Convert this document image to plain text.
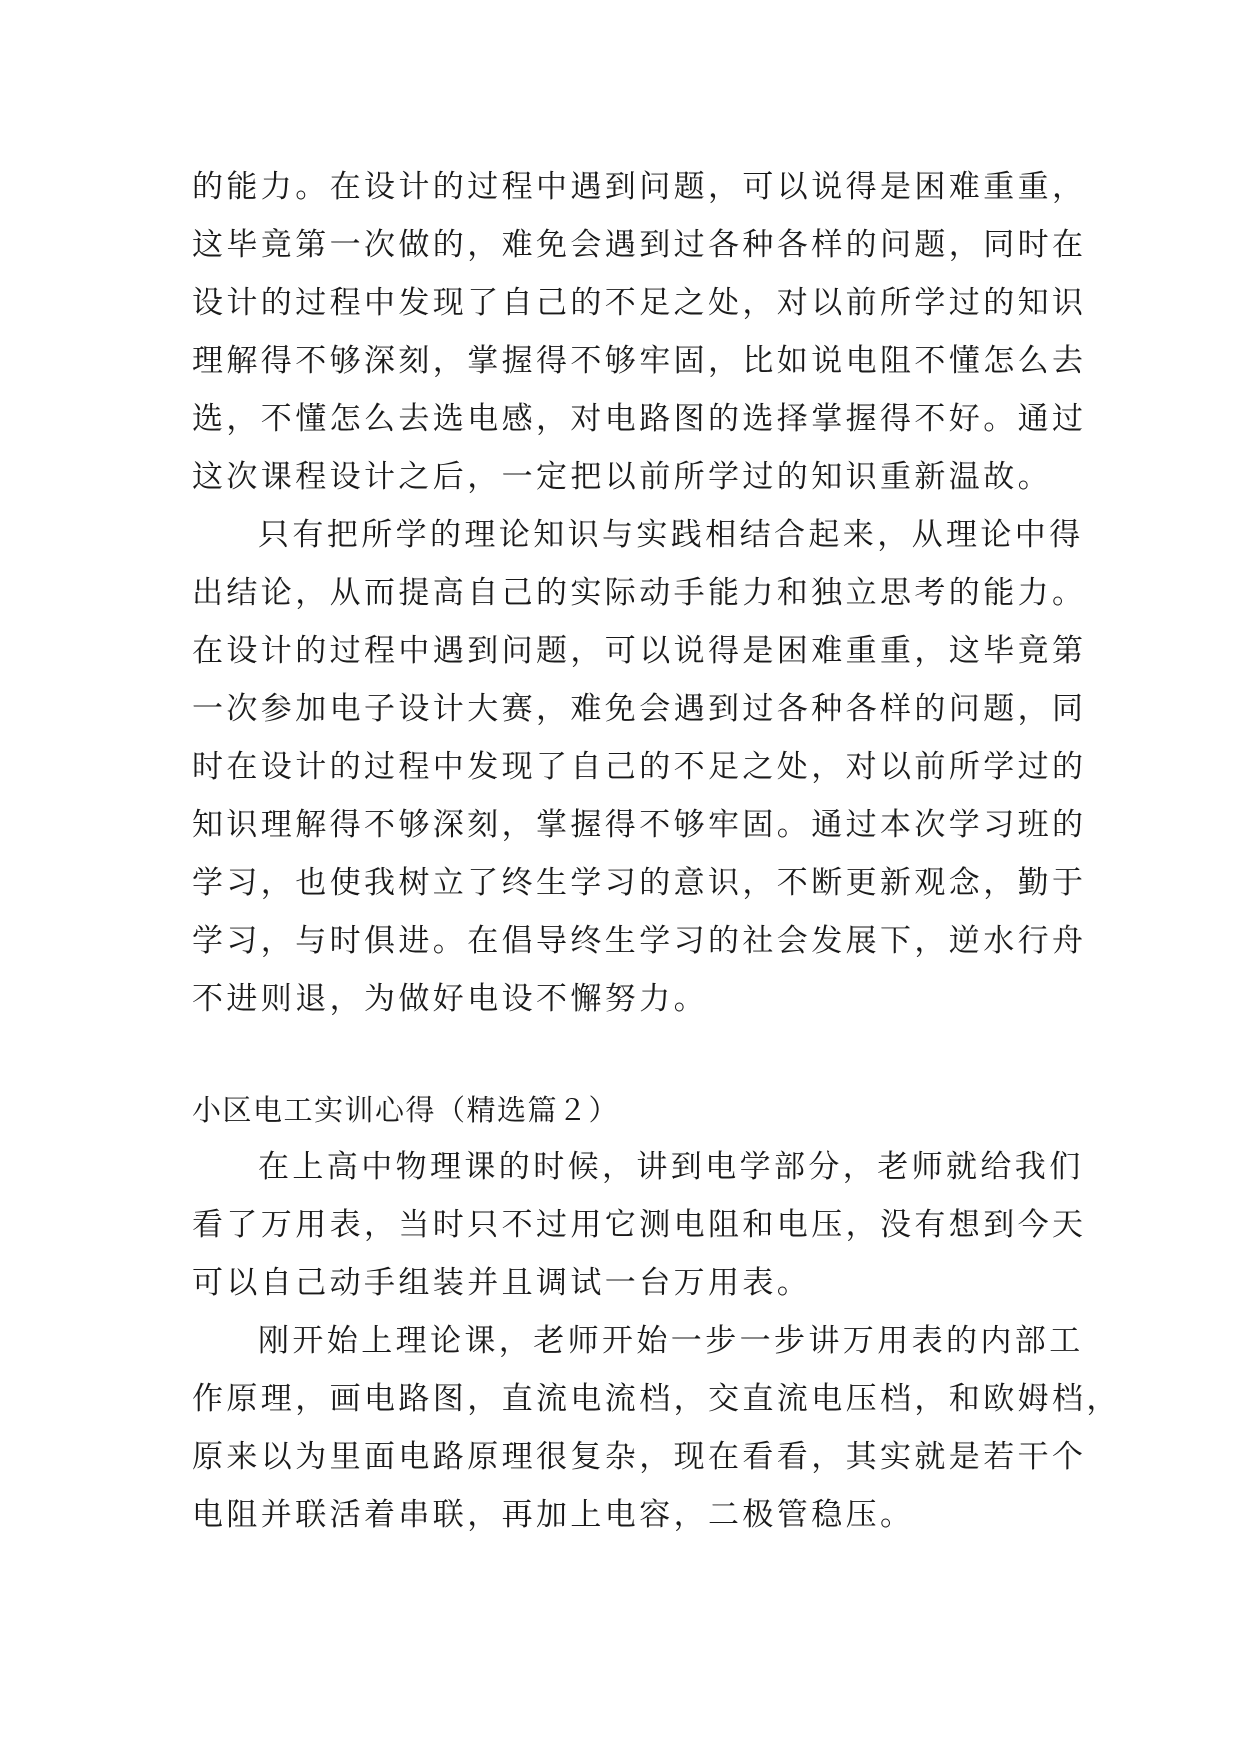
的能力。在设计的过程中遇到问题，可以说得是困难重重，
这毕竟第一次做的，难免会遇到过各种各样的问题，同时在
设计的过程中发现了自己的不足之处，对以前所学过的知识
理解得不够深刻，掌握得不够牢固，比如说电阻不懂怎么去
选，不懂怎么去选电感，对电路图的选择掌握得不好。通过
这次课程设计之后，一定把以前所学过的知识重新温故。
只有把所学的理论知识与实践相结合起来，从理论中得
出结论，从而提高自己的实际动手能力和独立思考的能力。
在设计的过程中遇到问题，可以说得是困难重重，这毕竟第
一次参加电子设计大赛，难免会遇到过各种各样的问题，同
时在设计的过程中发现了自己的不足之处，对以前所学过的
知识理解得不够深刻，掌握得不够牢固。通过本次学习班的
学习，也使我树立了终生学习的意识，不断更新观念，勤于
学习，与时俱进。在倡导终生学习的社会发展下，逆水行舟
不进则退，为做好电设不懈努力。
小区电工实训心得（精选篇２）
在上高中物理课的时候，讲到电学部分，老师就给我们
看了万用表，当时只不过用它测电阻和电压，没有想到今天
可以自己动手组装并且调试一台万用表。
刚开始上理论课，老师开始一步一步讲万用表的内部工
作原理，画电路图，直流电流档，交直流电压档，和欧姆档，
原来以为里面电路原理很复杂，现在看看，其实就是若干个
电阻并联活着串联，再加上电容，二极管稳压。
